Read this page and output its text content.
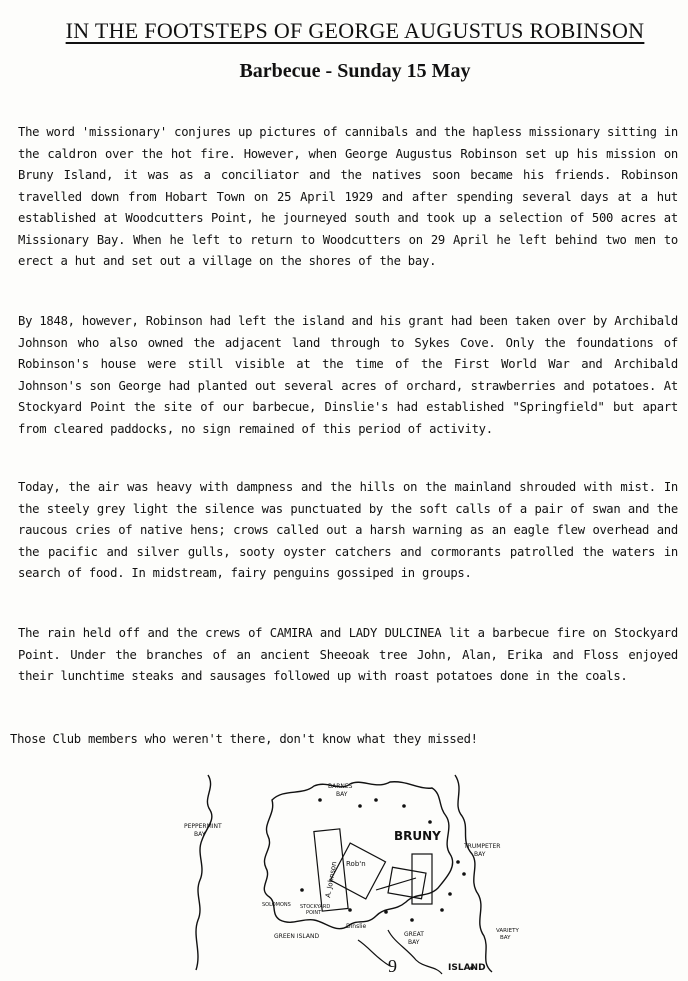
IN THE FOOTSTEPS OF GEORGE AUGUSTUS ROBINSON
Barbecue - Sunday 15 May

The word 'missionary' conjures up pictures of cannibals and the hapless missionary sitting in the caldron over the hot fire. However, when George Augustus Robinson set up his mission on Bruny Island, it was as a conciliator and the natives soon became his friends. Robinson travelled down from Hobart Town on 25 April 1929 and after spending several days at a hut established at Woodcutters Point, he journeyed south and took up a selection of 500 acres at Missionary Bay. When he left to return to Woodcutters on 29 April he left behind two men to erect a hut and set out a village on the shores of the bay.

By 1848, however, Robinson had left the island and his grant had been taken over by Archibald Johnson who also owned the adjacent land through to Sykes Cove. Only the foundations of Robinson's house were still visible at the time of the First World War and Archibald Johnson's son George had planted out several acres of orchard, strawberries and potatoes. At Stockyard Point the site of our barbecue, Dinslie's had established "Springfield" but apart from cleared paddocks, no sign remained of this period of activity.

Today, the air was heavy with dampness and the hills on the mainland shrouded with mist. In the steely grey light the silence was punctuated by the soft calls of a pair of swan and the raucous cries of native hens; crows called out a harsh warning as an eagle flew overhead and the pacific and silver gulls, sooty oyster catchers and cormorants patrolled the waters in search of food. In midstream, fairy penguins gossiped in groups.

The rain held off and the crews of CAMIRA and LADY DULCINEA lit a barbecue fire on Stockyard Point. Under the branches of an ancient Sheeoak tree John, Alan, Erika and Floss enjoyed their lunchtime steaks and sausages followed up with roast potatoes done in the coals.

Those Club members who weren't there, don't know what they missed!

PEPPERMINT
BAY
BARNES
BAY
BRUNY
TRUMPETER
BAY
A. Johnson Rob'n
Dinslie
GREEN ISLAND	GREAT
BAY
ISLAND
VARIETY
BAY
SOLOMONS STOCKYARD
POINT
9
